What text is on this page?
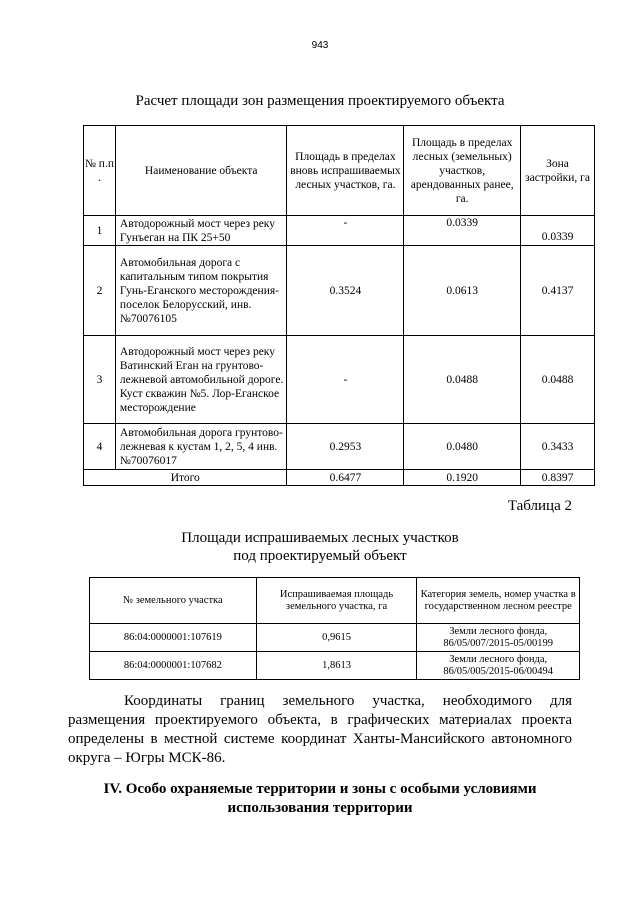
943
Расчет площади зон размещения проектируемого объекта
№ п.п .	Наименование объекта	Площадь в пределах вновь испрашиваемых лесных участков, га.	Площадь в пределах лесных (земельных) участков, арендованных ранее, га.	Зона застройки, га
1	Автодорожный мост через реку Гунъеган на ПК 25+50	-	0.0339	0.0339
2	Автомобильная дорога с капитальным типом покрытия Гунь-Еганского месторождения-поселок Белорусский, инв.№70076105	0.3524	0.0613	0.4137
3	Автодорожный мост через реку Ватинский Еган на грунтово-лежневой автомобильной дороге. Куст скважин №5. Лор-Еганское месторождение	-	0.0488	0.0488
4	Автомобильная дорога грунтово-лежневая к кустам 1, 2, 5, 4 инв.№70076017	0.2953	0.0480	0.3433
Итого		0.6477	0.1920	0.8397
Таблица 2
Площади испрашиваемых лесных участков
под проектируемый объект
№ земельного участка	Испрашиваемая площадь земельного участка, га	Категория земель, номер участка в государственном лесном реестре
86:04:0000001:107619	0,9615	Земли лесного фонда,
86/05/007/2015-05/00199

86:04:0000001:107682	1,8613	Земли лесного фонда,
86/05/005/2015-06/00494

Координаты границ земельного участка, необходимого для размещения проектируемого объекта, в графических материалах проекта определены в местной системе координат Ханты-Мансийского автономного округа – Югры МСК-86.

IV. Особо охраняемые территории и зоны с особыми условиями
использования территории
